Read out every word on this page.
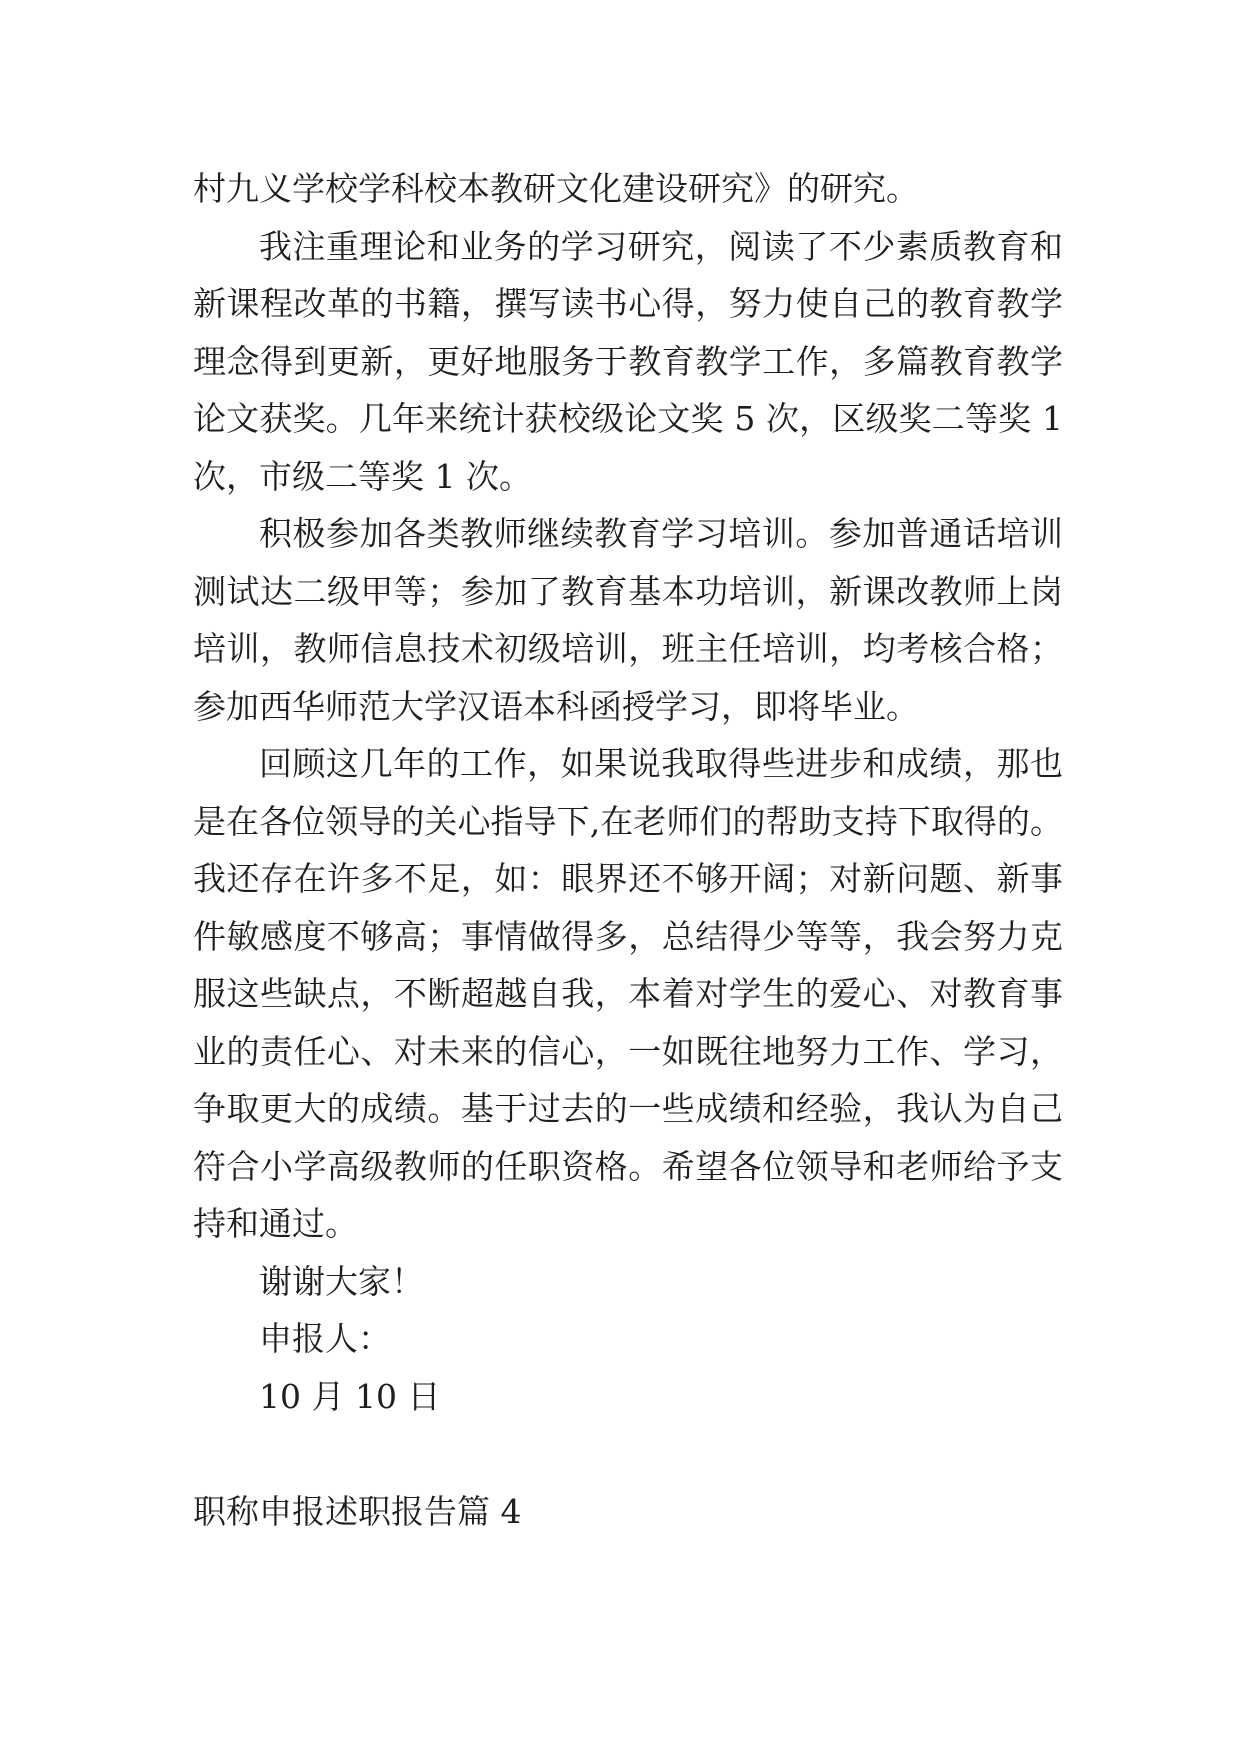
村九义学校学科校本教研文化建设研究》的研究。
我注重理论和业务的学习研究，阅读了不少素质教育和
新课程改革的书籍，撰写读书心得，努力使自己的教育教学
理念得到更新，更好地服务于教育教学工作，多篇教育教学
论文获奖。几年来统计获校级论文奖 5 次，区级奖二等奖 1
次，市级二等奖 1 次。
积极参加各类教师继续教育学习培训。参加普通话培训
测试达二级甲等；参加了教育基本功培训，新课改教师上岗
培训，教师信息技术初级培训，班主任培训，均考核合格；
参加西华师范大学汉语本科函授学习，即将毕业。
回顾这几年的工作，如果说我取得些进步和成绩，那也
是在各位领导的关心指导下,在老师们的帮助支持下取得的。
我还存在许多不足，如：眼界还不够开阔；对新问题、新事
件敏感度不够高；事情做得多，总结得少等等，我会努力克
服这些缺点，不断超越自我，本着对学生的爱心、对教育事
业的责任心、对未来的信心，一如既往地努力工作、学习，
争取更大的成绩。基于过去的一些成绩和经验，我认为自己
符合小学高级教师的任职资格。希望各位领导和老师给予支
持和通过。
谢谢大家！
申报人：
10 月 10 日
职称申报述职报告篇 4
